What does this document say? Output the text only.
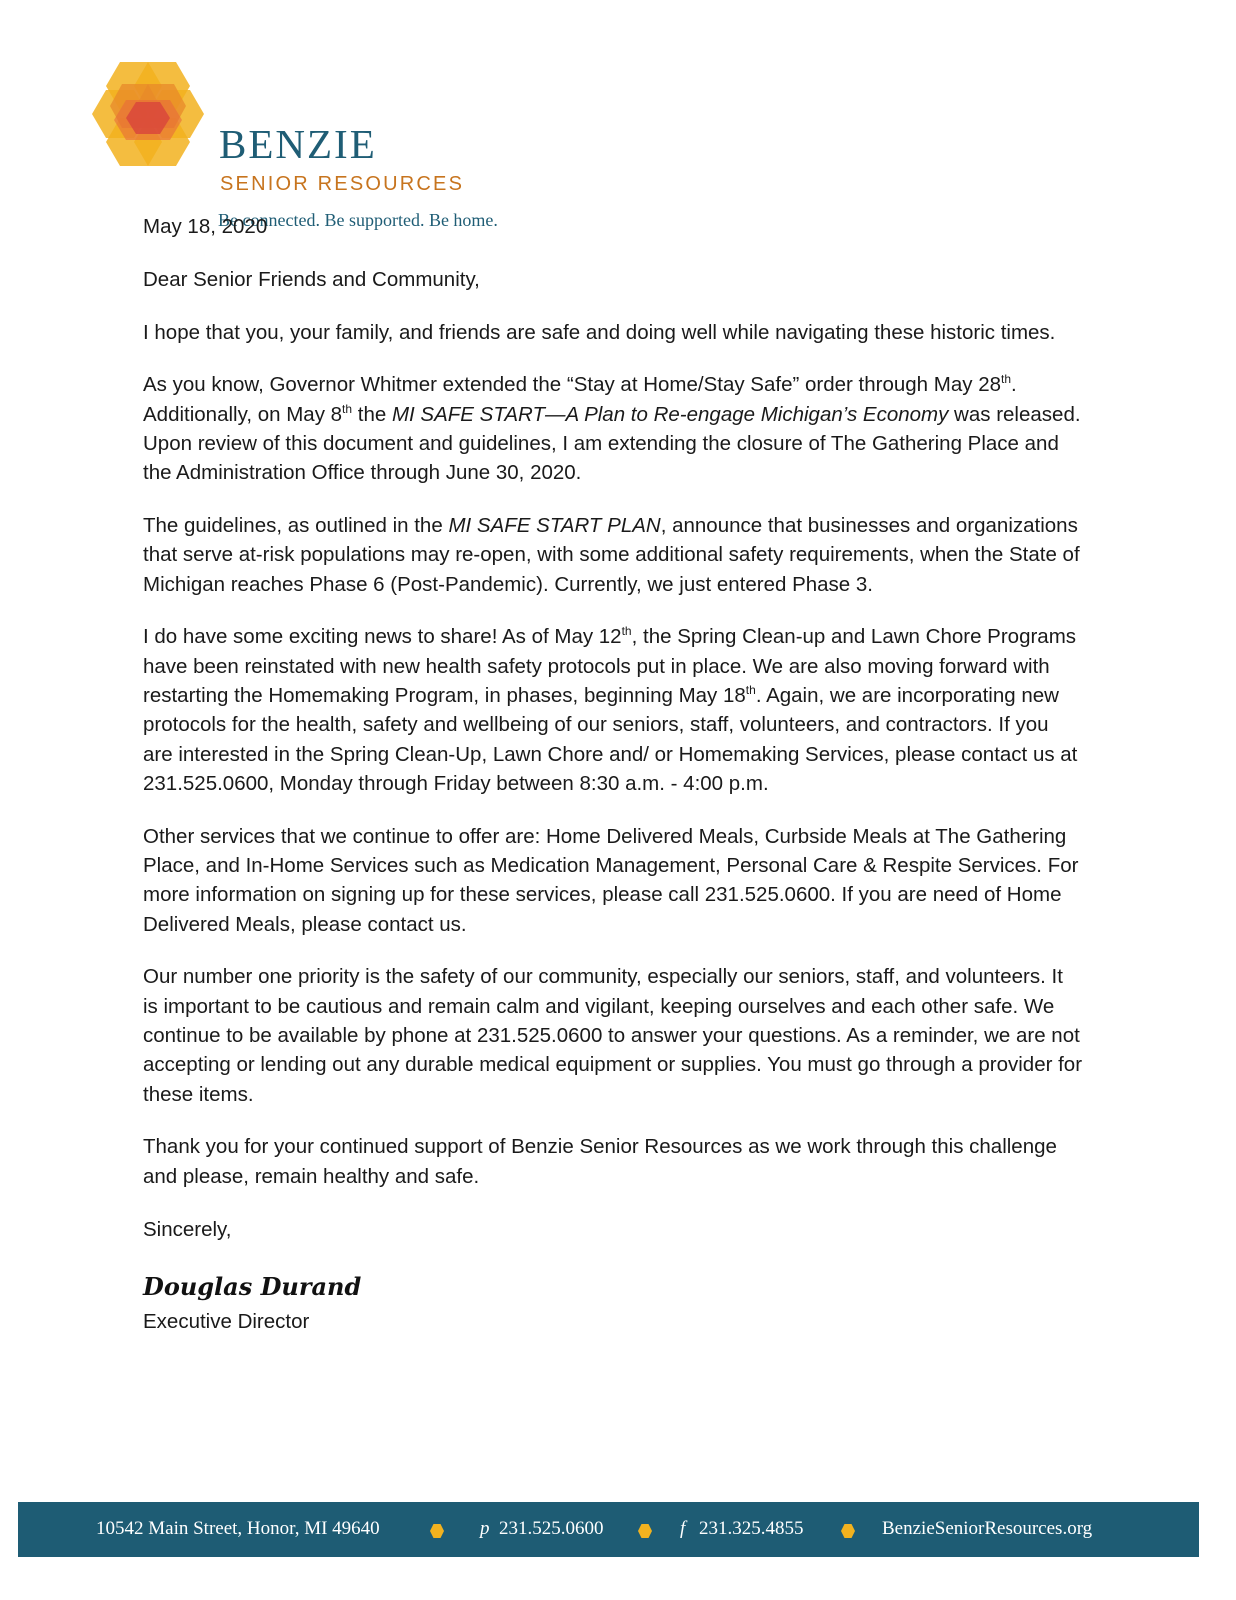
BENZIE
SENIOR RESOURCES
Be connected. Be supported. Be home.

May 18, 2020

Dear Senior Friends and Community,

I hope that you, your family, and friends are safe and doing well while navigating these historic times.

As you know, Governor Whitmer extended the “Stay at Home/Stay Safe” order through May 28th. Additionally, on May 8th the MI SAFE START—A Plan to Re-engage Michigan’s Economy was released. Upon review of this document and guidelines, I am extending the closure of The Gathering Place and the Administration Office through June 30, 2020.

The guidelines, as outlined in the MI SAFE START PLAN, announce that businesses and organizations that serve at-risk populations may re-open, with some additional safety requirements, when the State of Michigan reaches Phase 6 (Post-Pandemic). Currently, we just entered Phase 3.

I do have some exciting news to share! As of May 12th, the Spring Clean-up and Lawn Chore Programs have been reinstated with new health safety protocols put in place. We are also moving forward with restarting the Homemaking Program, in phases, beginning May 18th. Again, we are incorporating new protocols for the health, safety and wellbeing of our seniors, staff, volunteers, and contractors. If you are interested in the Spring Clean-Up, Lawn Chore and/ or Homemaking Services, please contact us at 231.525.0600, Monday through Friday between 8:30 a.m. - 4:00 p.m.

Other services that we continue to offer are: Home Delivered Meals, Curbside Meals at The Gathering Place, and In-Home Services such as Medication Management, Personal Care & Respite Services. For more information on signing up for these services, please call 231.525.0600. If you are need of Home Delivered Meals, please contact us.

Our number one priority is the safety of our community, especially our seniors, staff, and volunteers. It is important to be cautious and remain calm and vigilant, keeping ourselves and each other safe. We continue to be available by phone at 231.525.0600 to answer your questions. As a reminder, we are not accepting or lending out any durable medical equipment or supplies. You must go through a provider for these items.

Thank you for your continued support of Benzie Senior Resources as we work through this challenge and please, remain healthy and safe.

Sincerely,

Douglas Durand

Executive Director

10542 Main Street, Honor, MI 49640	p 231.525.0600	f 231.325.4855	BenzieSeniorResources.org
